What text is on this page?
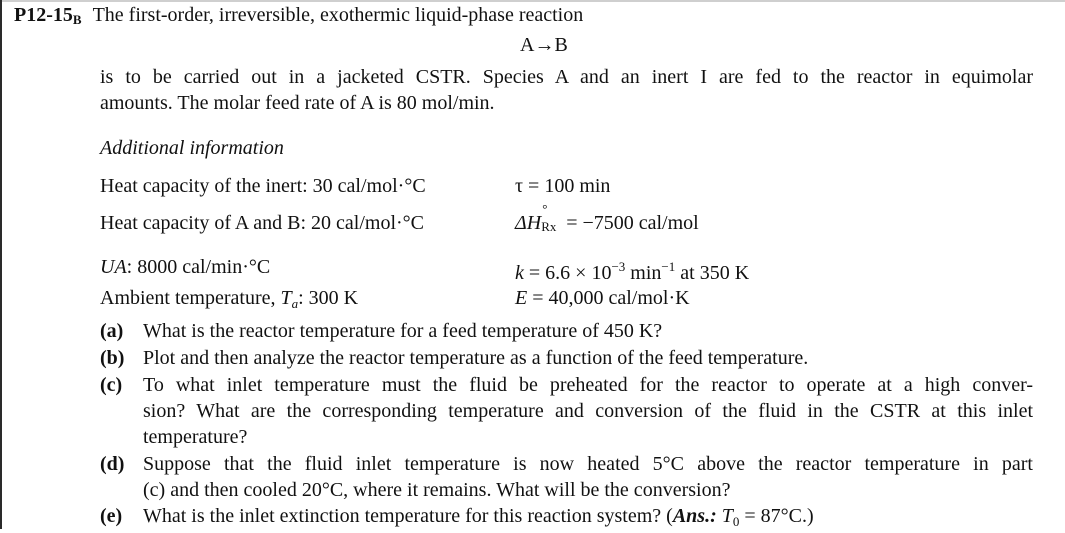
$P12-15_B$ The first-order, irreversible, exothermic liquid-phase reaction
A→B
is to be carried out in a jacketed CSTR. Species A and an inert I are fed to the reactor in equimolar
amounts. The molar feed rate of A is 80 mol/min.
Additional information
Heat capacity of the inert: 30 cal/mol·°C
Heat capacity of A and B: 20 cal/mol·°C
UA: 8000 cal/min·°C
Ambient temperature, $T_a$: 300 K
τ = 100 min
ΔH
°
Rx = −7500 cal/mol
$k = 6.6 \times 10^{-3}$ $\min^{-1}$ at 350 K
E = 40,000 cal/mol·K
(a) What is the reactor temperature for a feed temperature of 450 K?
(b) Plot and then analyze the reactor temperature as a function of the feed temperature.
(c) To what inlet temperature must the fluid be preheated for the reactor to operate at a high conver-
sion? What are the corresponding temperature and conversion of the fluid in the CSTR at this inlet
temperature?
(d) Suppose that the fluid inlet temperature is now heated 5°C above the reactor temperature in part
(c) and then cooled 20°C, where it remains. What will be the conversion?
(e) What is the inlet extinction temperature for this reaction system? (Ans.: $T_0 = 87^\circ C$.)
